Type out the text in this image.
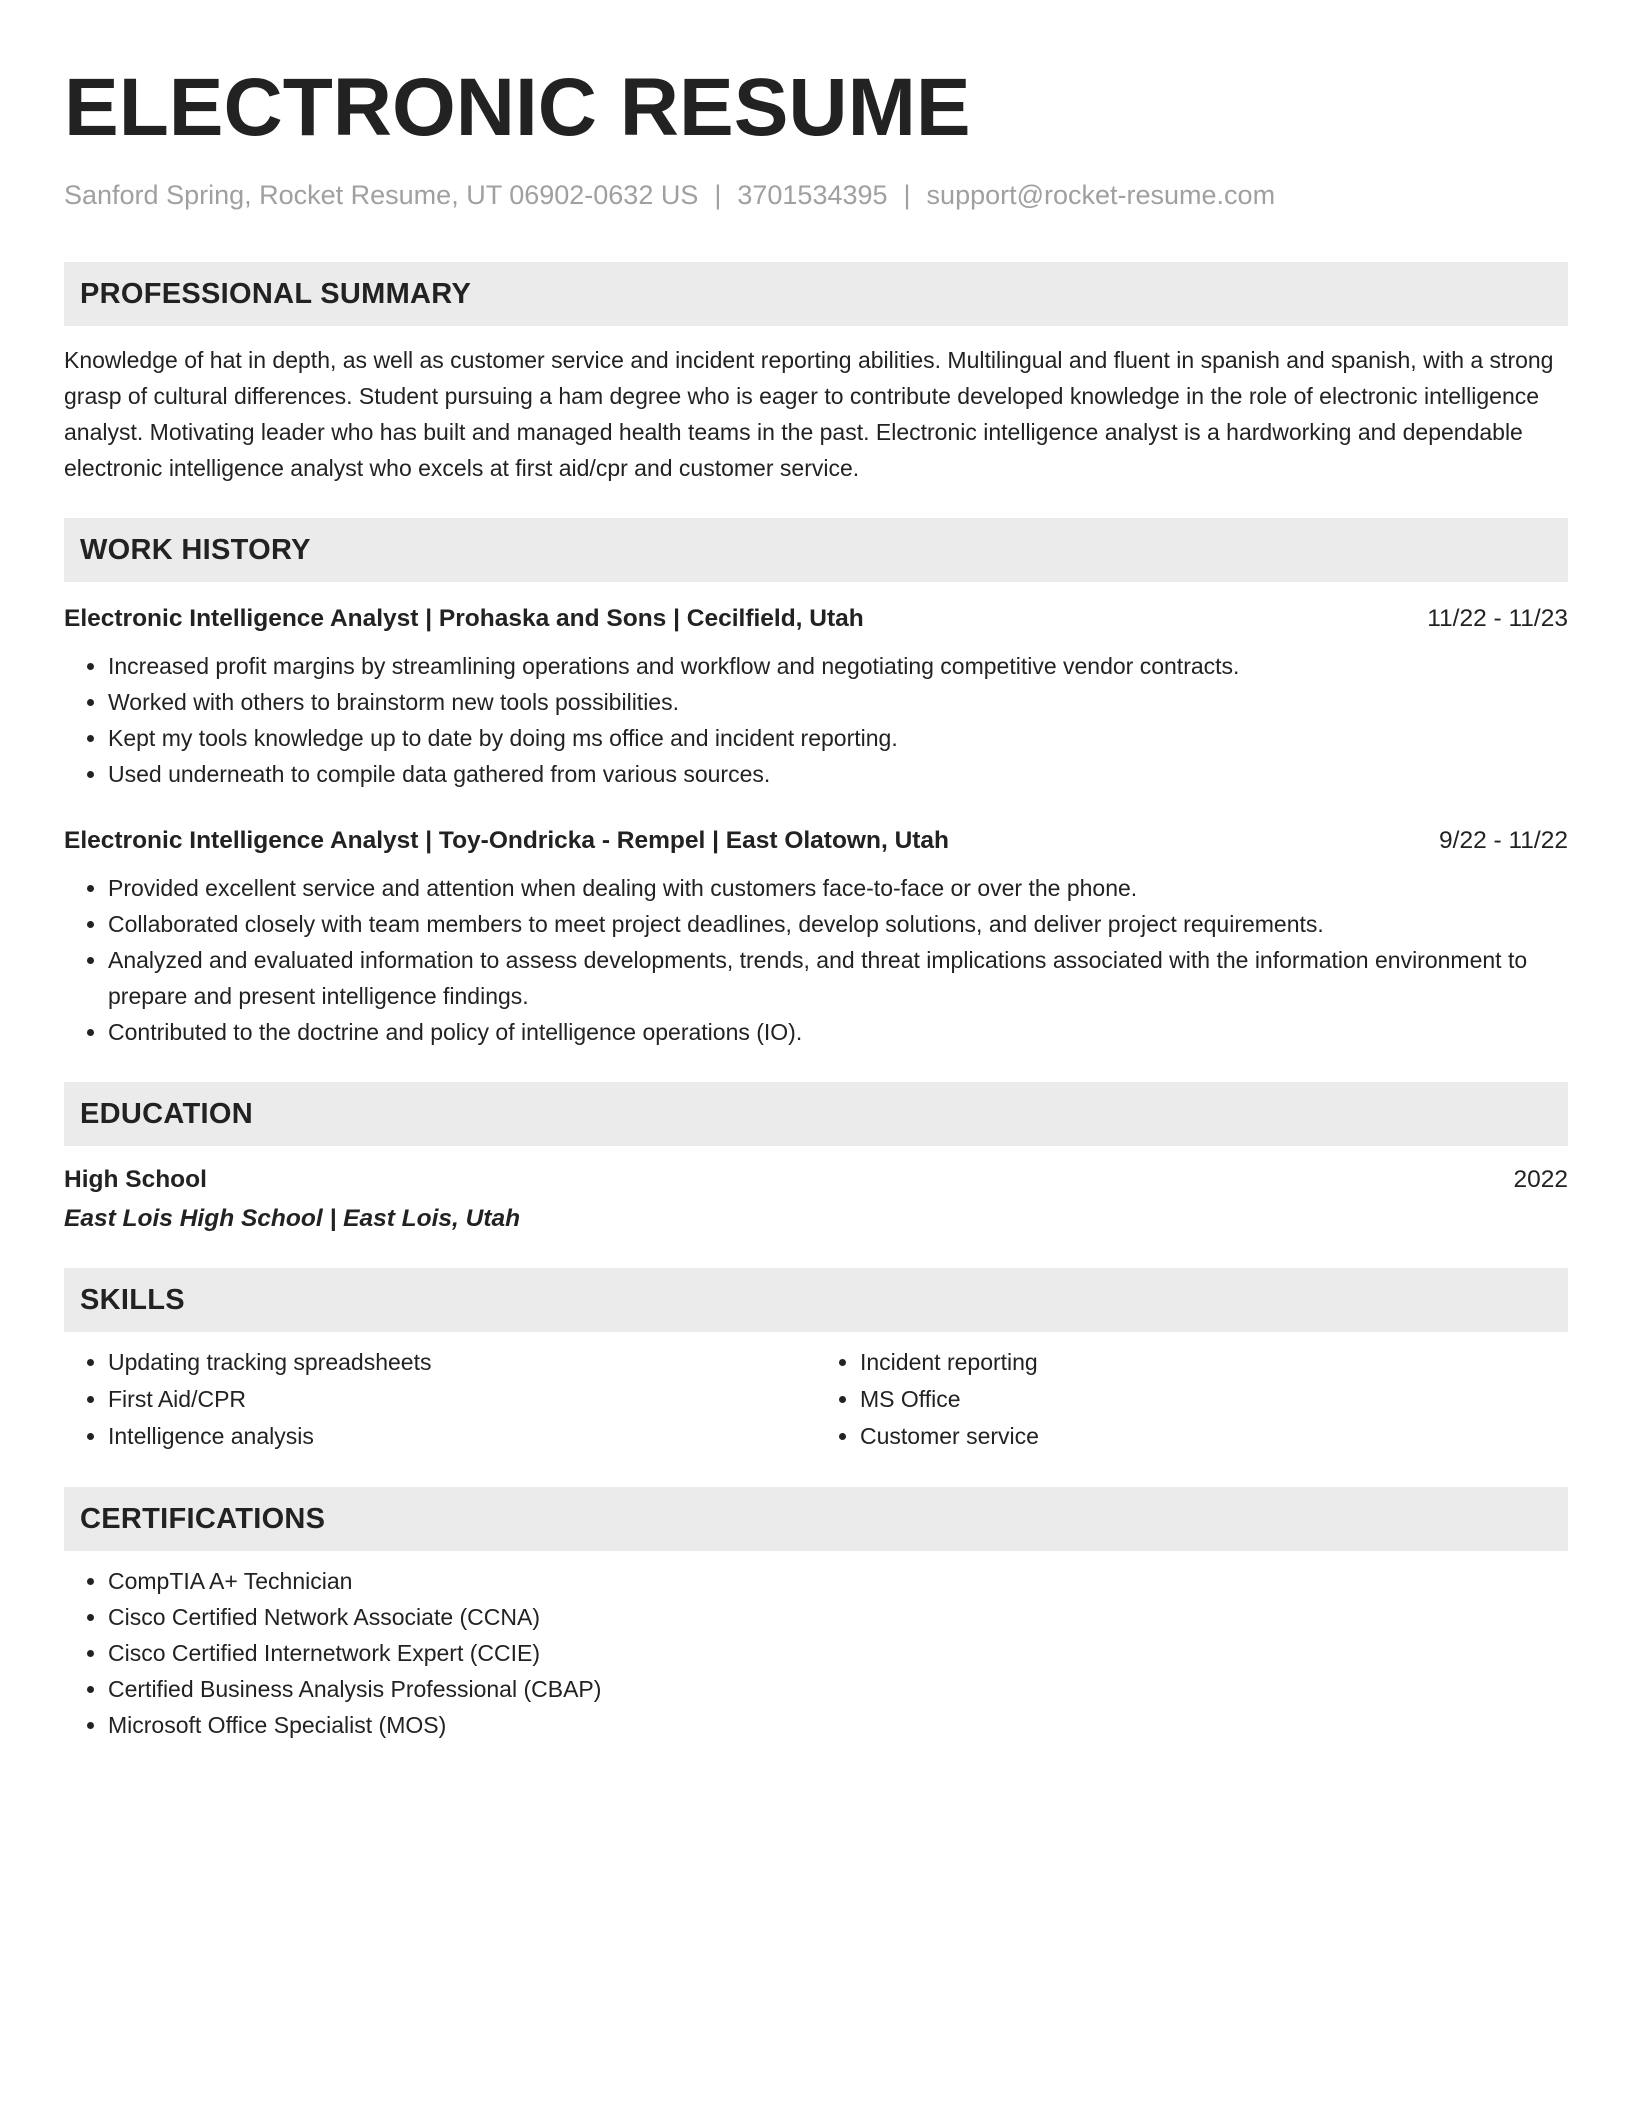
ELECTRONIC RESUME
Sanford Spring, Rocket Resume, UT 06902-0632 US | 3701534395 | support@rocket-resume.com
PROFESSIONAL SUMMARY

Knowledge of hat in depth, as well as customer service and incident reporting abilities. Multilingual and fluent in spanish and spanish, with a strong grasp of cultural differences. Student pursuing a ham degree who is eager to contribute developed knowledge in the role of electronic intelligence analyst. Motivating leader who has built and managed health teams in the past. Electronic intelligence analyst is a hardworking and dependable electronic intelligence analyst who excels at first aid/cpr and customer service.

WORK HISTORY
Electronic Intelligence Analyst | Prohaska and Sons | Cecilfield, Utah	11/22 - 11/23
• Increased profit margins by streamlining operations and workflow and negotiating competitive vendor contracts.
• Worked with others to brainstorm new tools possibilities.
• Kept my tools knowledge up to date by doing ms office and incident reporting.
• Used underneath to compile data gathered from various sources.
Electronic Intelligence Analyst | Toy-Ondricka - Rempel | East Olatown, Utah	9/22 - 11/22
• Provided excellent service and attention when dealing with customers face-to-face or over the phone.
• Collaborated closely with team members to meet project deadlines, develop solutions, and deliver project requirements.
• Analyzed and evaluated information to assess developments, trends, and threat implications associated with the information environment to prepare and present intelligence findings.
• Contributed to the doctrine and policy of intelligence operations (IO).
EDUCATION
High School	2022
East Lois High School | East Lois, Utah
SKILLS
• Updating tracking spreadsheets
• First Aid/CPR
• Intelligence analysis
• Incident reporting
• MS Office
• Customer service
CERTIFICATIONS
• CompTIA A+ Technician
• Cisco Certified Network Associate (CCNA)
• Cisco Certified Internetwork Expert (CCIE)
• Certified Business Analysis Professional (CBAP)
• Microsoft Office Specialist (MOS)
